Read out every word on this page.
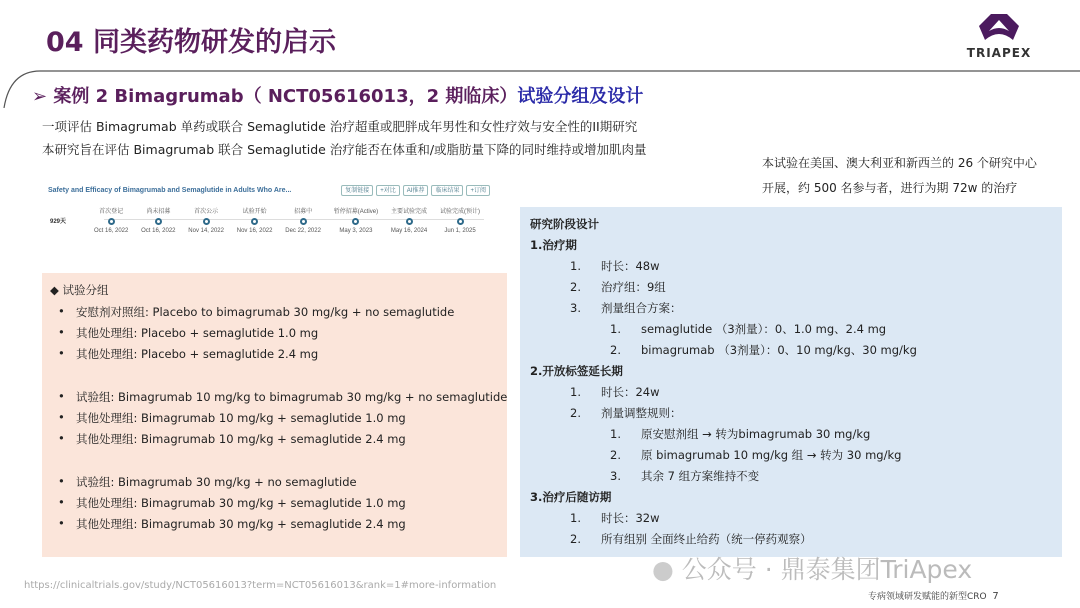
04 同类药物研发的启示	TRIAPEX
➢ 案例 2 Bimagrumab（ NCT05616013，2 期临床）试验分组及设计
一项评估 Bimagrumab 单药或联合 Semaglutide 治疗超重或肥胖成年男性和女性疗效与安全性的II期研究
本研究旨在评估 Bimagrumab 联合 Semaglutide 治疗能否在体重和/或脂肪量下降的同时维持或增加肌肉量
本试验在美国、澳大利亚和新西兰的 26 个研究中心
开展，约 500 名参与者，进行为期 72w 的治疗
Safety and Efficacy of Bimagrumab and Semaglutide in Adults Who Are...	复制链接	+对比	AI推荐	临床结果	+订阅
929天
首次登记
Oct 16, 2022
尚未招募
Oct 16, 2022
首次公示
Nov 14, 2022
试验开始
Nov 16, 2022
招募中
Dec 22, 2022
暂停招募(Active)
May 3, 2023
主要试验完成
May 16, 2024
试验完成(预计)
Jun 1, 2025
◆ 试验分组
• 安慰剂对照组: Placebo to bimagrumab 30 mg/kg + no semaglutide
• 其他处理组: Placebo + semaglutide 1.0 mg
• 其他处理组: Placebo + semaglutide 2.4 mg
• 试验组: Bimagrumab 10 mg/kg to bimagrumab 30 mg/kg + no semaglutide
• 其他处理组: Bimagrumab 10 mg/kg + semaglutide 1.0 mg
• 其他处理组: Bimagrumab 10 mg/kg + semaglutide 2.4 mg
• 试验组: Bimagrumab 30 mg/kg + no semaglutide
• 其他处理组: Bimagrumab 30 mg/kg + semaglutide 1.0 mg
• 其他处理组: Bimagrumab 30 mg/kg + semaglutide 2.4 mg
研究阶段设计
1.治疗期
1. 时长：48w
2. 治疗组：9组
3. 剂量组合方案：
1. semaglutide （3剂量）：0、1.0 mg、2.4 mg
2. bimagrumab （3剂量）：0、10 mg/kg、30 mg/kg
2.开放标签延长期
1. 时长：24w
2. 剂量调整规则：
1. 原安慰剂组 → 转为bimagrumab 30 mg/kg
2. 原 bimagrumab 10 mg/kg 组 → 转为 30 mg/kg
3. 其余 7 组方案维持不变
3.治疗后随访期
1. 时长：32w
2. 所有组别 全面终止给药（统一停药观察）
https://clinicaltrials.gov/study/NCT05616013?term=NCT05616013&rank=1#more-information
● 公众号 · 鼎泰集团TriApex
专病领域研发赋能的新型CRO 7
